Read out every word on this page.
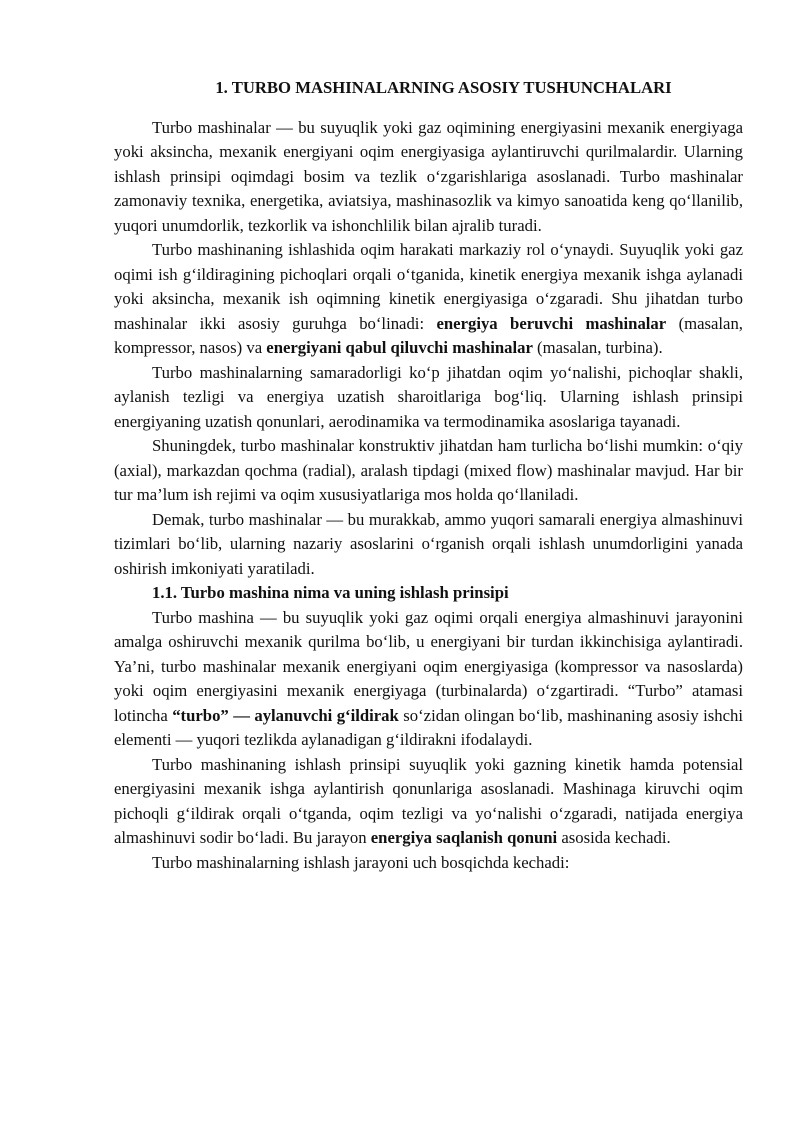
1. TURBO MASHINALARNING ASOSIY TUSHUNCHALARI

Turbo mashinalar — bu suyuqlik yoki gaz oqimining energiyasini mexanik energiyaga yoki aksincha, mexanik energiyani oqim energiyasiga aylantiruvchi qurilmalardir. Ularning ishlash prinsipi oqimdagi bosim va tezlik o‘zgarishlariga asoslanadi. Turbo mashinalar zamonaviy texnika, energetika, aviatsiya, mashinasozlik va kimyo sanoatida keng qo‘llanilib, yuqori unumdorlik, tezkorlik va ishonchlilik bilan ajralib turadi.

Turbo mashinaning ishlashida oqim harakati markaziy rol o‘ynaydi. Suyuqlik yoki gaz oqimi ish g‘ildiragining pichoqlari orqali o‘tganida, kinetik energiya mexanik ishga aylanadi yoki aksincha, mexanik ish oqimning kinetik energiyasiga o‘zgaradi. Shu jihatdan turbo mashinalar ikki asosiy guruhga bo‘linadi: energiya beruvchi mashinalar (masalan, kompressor, nasos) va energiyani qabul qiluvchi mashinalar (masalan, turbina).

Turbo mashinalarning samaradorligi ko‘p jihatdan oqim yo‘nalishi, pichoqlar shakli, aylanish tezligi va energiya uzatish sharoitlariga bog‘liq. Ularning ishlash prinsipi energiyaning uzatish qonunlari, aerodinamika va termodinamika asoslariga tayanadi.

Shuningdek, turbo mashinalar konstruktiv jihatdan ham turlicha bo‘lishi mumkin: o‘qiy (axial), markazdan qochma (radial), aralash tipdagi (mixed flow) mashinalar mavjud. Har bir tur ma’lum ish rejimi va oqim xususiyatlariga mos holda qo‘llaniladi.

Demak, turbo mashinalar — bu murakkab, ammo yuqori samarali energiya almashinuvi tizimlari bo‘lib, ularning nazariy asoslarini o‘rganish orqali ishlash unumdorligini yanada oshirish imkoniyati yaratiladi.

1.1. Turbo mashina nima va uning ishlash prinsipi

Turbo mashina — bu suyuqlik yoki gaz oqimi orqali energiya almashinuvi jarayonini amalga oshiruvchi mexanik qurilma bo‘lib, u energiyani bir turdan ikkinchisiga aylantiradi. Ya’ni, turbo mashinalar mexanik energiyani oqim energiyasiga (kompressor va nasoslarda) yoki oqim energiyasini mexanik energiyaga (turbinalarda) o‘zgartiradi. “Turbo” atamasi lotincha “turbo” — aylanuvchi g‘ildirak so‘zidan olingan bo‘lib, mashinaning asosiy ishchi elementi — yuqori tezlikda aylanadigan g‘ildirakni ifodalaydi.

Turbo mashinaning ishlash prinsipi suyuqlik yoki gazning kinetik hamda potensial energiyasini mexanik ishga aylantirish qonunlariga asoslanadi. Mashinaga kiruvchi oqim pichoqli g‘ildirak orqali o‘tganda, oqim tezligi va yo‘nalishi o‘zgaradi, natijada energiya almashinuvi sodir bo‘ladi. Bu jarayon energiya saqlanish qonuni asosida kechadi.

Turbo mashinalarning ishlash jarayoni uch bosqichda kechadi:
